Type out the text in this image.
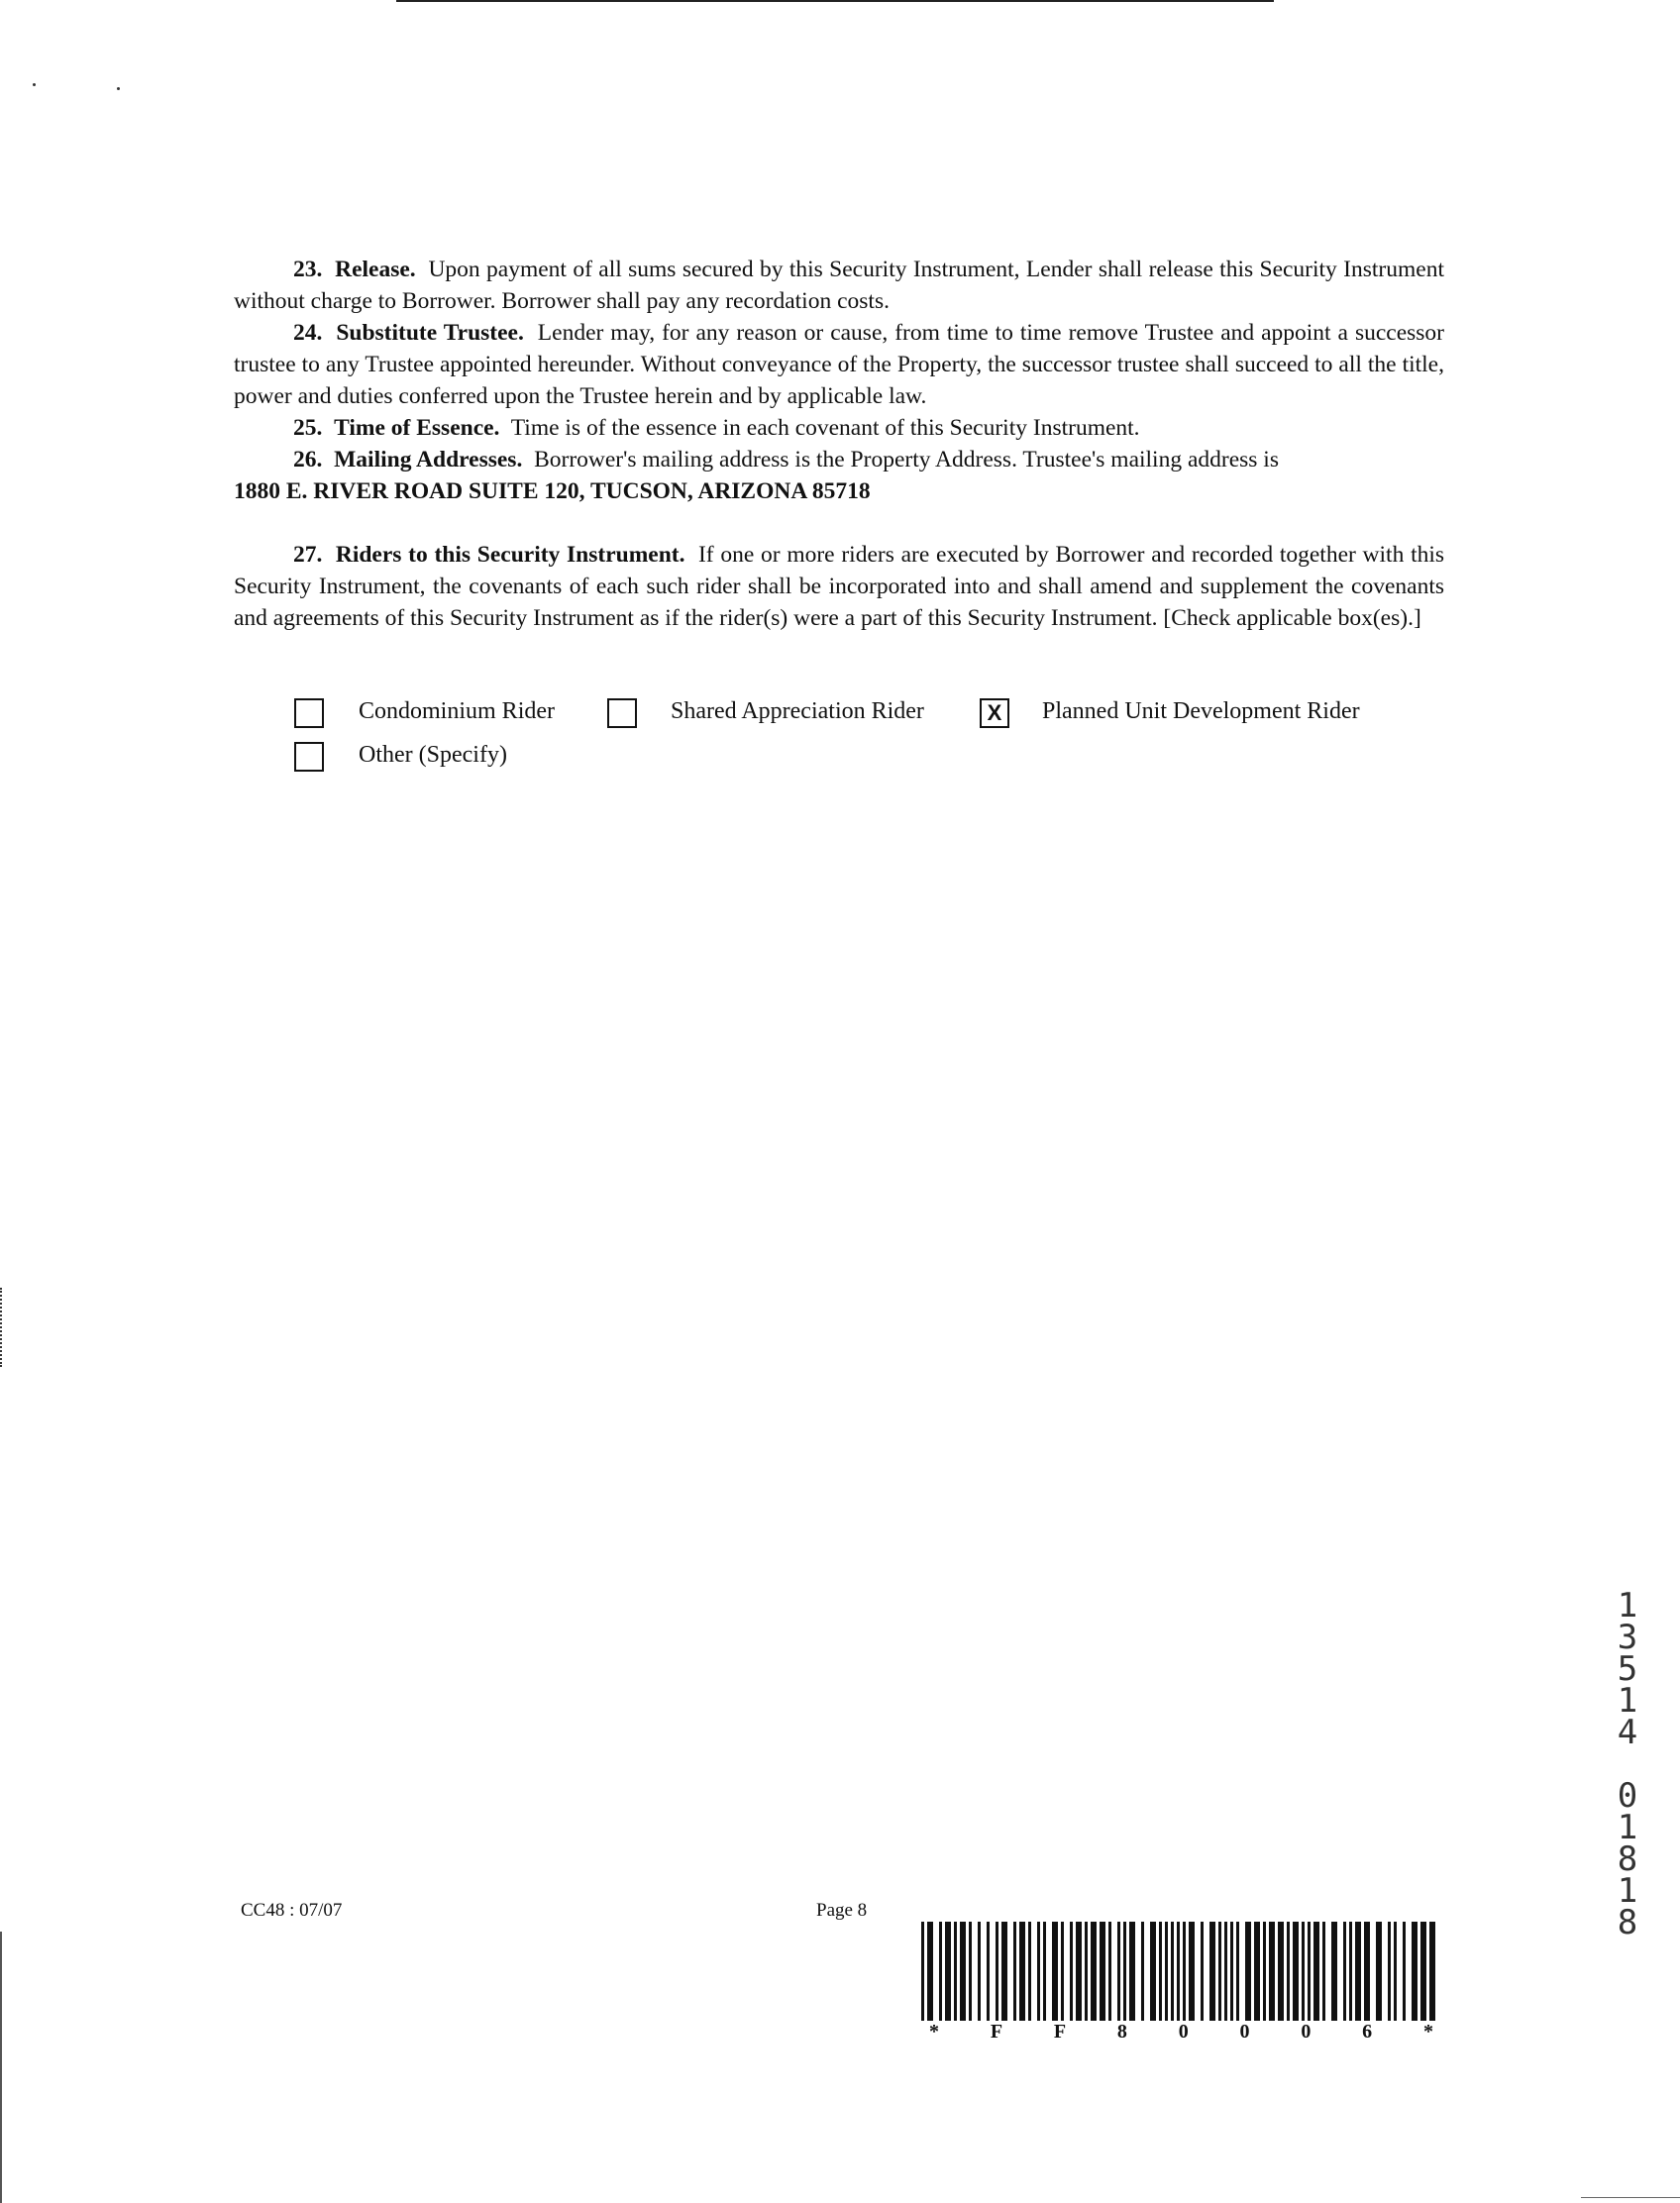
23. Release. Upon payment of all sums secured by this Security Instrument, Lender shall release this Security Instrument without charge to Borrower. Borrower shall pay any recordation costs.

24. Substitute Trustee. Lender may, for any reason or cause, from time to time remove Trustee and appoint a successor trustee to any Trustee appointed hereunder. Without conveyance of the Property, the successor trustee shall succeed to all the title, power and duties conferred upon the Trustee herein and by applicable law.

25. Time of Essence. Time is of the essence in each covenant of this Security Instrument.

26. Mailing Addresses. Borrower's mailing address is the Property Address. Trustee's mailing address is

1880 E. RIVER ROAD SUITE 120, TUCSON, ARIZONA 85718

27. Riders to this Security Instrument. If one or more riders are executed by Borrower and recorded together with this Security Instrument, the covenants of each such rider shall be incorporated into and shall amend and supplement the covenants and agreements of this Security Instrument as if the rider(s) were a part of this Security Instrument. [Check applicable box(es).]

Condominium Rider	Shared Appreciation Rider	X	Planned Unit Development Rider
Other (Specify)
CC48 : 07/07	Page 8
*	F	F	8	0	0	0	6	*
1
3
5
1
4
0
1
8
1
8
